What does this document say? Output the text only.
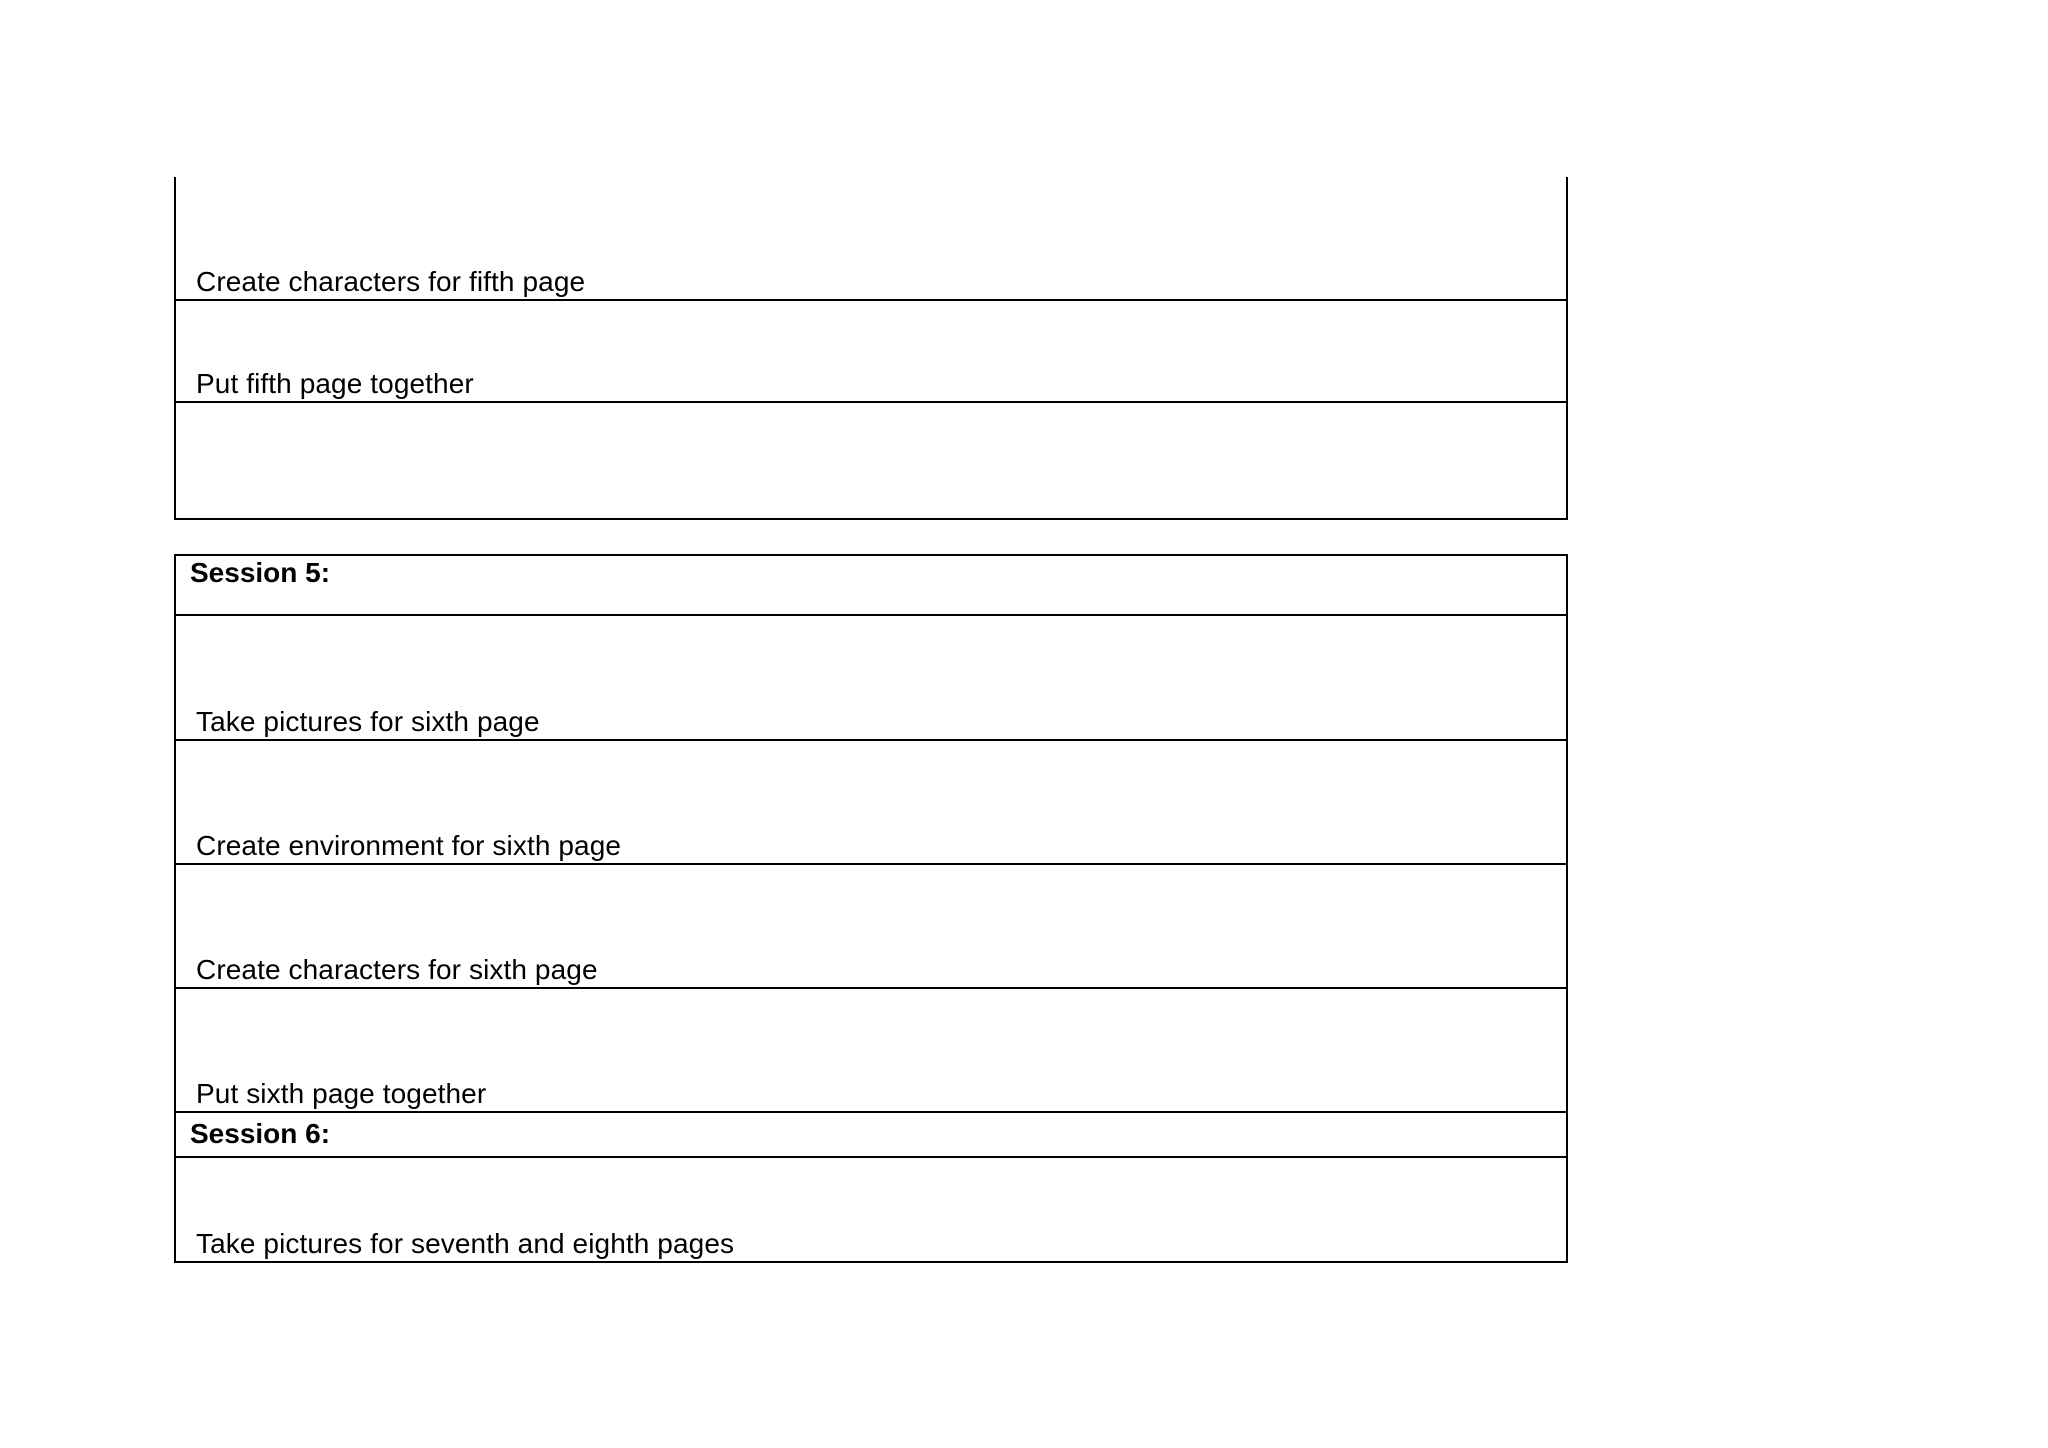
Create characters for fifth page
Put fifth page together
Session 5:
Take pictures for sixth page
Create environment for sixth page
Create characters for sixth page
Put sixth page together
Session 6:
Take pictures for seventh and eighth pages
